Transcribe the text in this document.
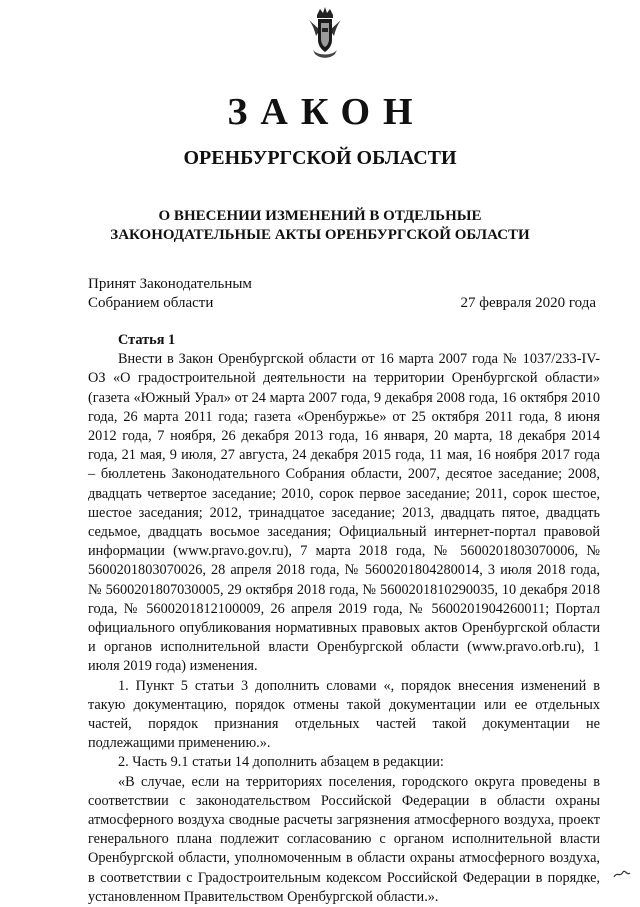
ЗАКОН
ОРЕНБУРГСКОЙ ОБЛАСТИ
О ВНЕСЕНИИ ИЗМЕНЕНИЙ В ОТДЕЛЬНЫЕ
ЗАКОНОДАТЕЛЬНЫЕ АКТЫ ОРЕНБУРГСКОЙ ОБЛАСТИ
Принят Законодательным
Собранием области	27 февраля 2020 года
Статья 1

Внести в Закон Оренбургской области от 16 марта 2007 года № 1037/233-IV-ОЗ «О градостроительной деятельности на территории Оренбургской области» (газета «Южный Урал» от 24 марта 2007 года, 9 декабря 2008 года, 16 октября 2010 года, 26 марта 2011 года; газета «Оренбуржье» от 25 октября 2011 года, 8 июня 2012 года, 7 ноября, 26 декабря 2013 года, 16 января, 20 марта, 18 декабря 2014 года, 21 мая, 9 июля, 27 августа, 24 декабря 2015 года, 11 мая, 16 ноября 2017 года – бюллетень Законодательного Собрания области, 2007, десятое заседание; 2008, двадцать четвертое заседание; 2010, сорок первое заседание; 2011, сорок шестое, шестое заседания; 2012, тринадцатое заседание; 2013, двадцать пятое, двадцать седьмое, двадцать восьмое заседания; Официальный интернет-портал правовой информации (www.pravo.gov.ru), 7 марта 2018 года, № 5600201803070006, № 5600201803070026, 28 апреля 2018 года, № 5600201804280014, 3 июля 2018 года, № 5600201807030005, 29 октября 2018 года, № 5600201810290035, 10 декабря 2018 года, № 5600201812100009, 26 апреля 2019 года, № 5600201904260011; Портал официального опубликования нормативных правовых актов Оренбургской области и органов исполнительной власти Оренбургской области (www.pravo.orb.ru), 1 июля 2019 года) изменения.

1. Пункт 5 статьи 3 дополнить словами «, порядок внесения изменений в такую документацию, порядок отмены такой документации или ее отдельных частей, порядок признания отдельных частей такой документации не подлежащими применению.».

2. Часть 9.1 статьи 14 дополнить абзацем в редакции:

«В случае, если на территориях поселения, городского округа проведены в соответствии с законодательством Российской Федерации в области охраны атмосферного воздуха сводные расчеты загрязнения атмосферного воздуха, проект генерального плана подлежит согласованию с органом исполнительной власти Оренбургской области, уполномоченным в области охраны атмосферного воздуха, в соответствии с Градостроительным кодексом Российской Федерации в порядке, установленном Правительством Оренбургской области.».
